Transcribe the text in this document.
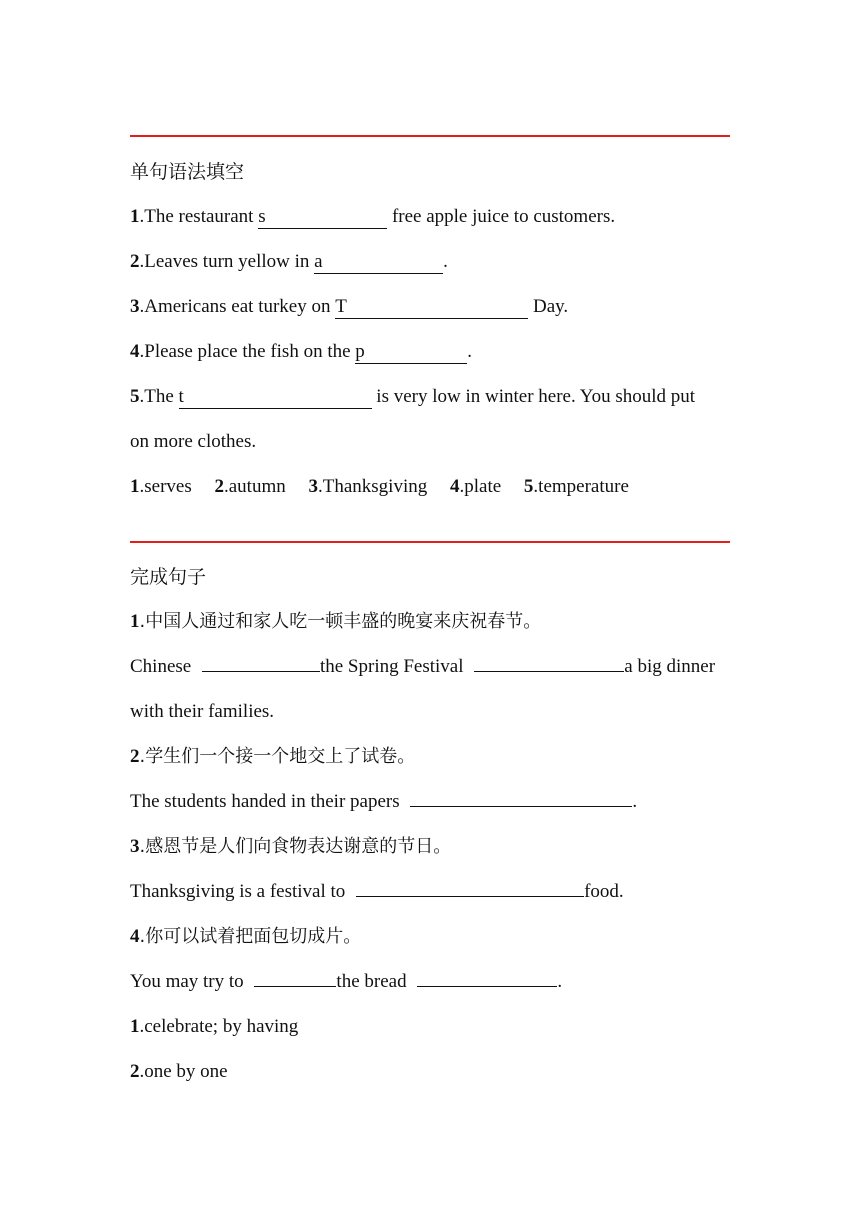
单句语法填空
1.The restaurant s	free apple juice to customers.
2.Leaves turn yellow in a	.
3.Americans eat turkey on T	Day.
4.Please place the fish on the p	.
5.The t	is very low in winter here. You should put
on more clothes.
1.serves 2.autumn 3.Thanksgiving 4.plate 5.temperature
完成句子
1.中国人通过和家人吃一顿丰盛的晚宴来庆祝春节。
Chinese	the Spring Festival	a big dinner
with their families.
2.学生们一个接一个地交上了试卷。
The students handed in their papers	.
3.感恩节是人们向食物表达谢意的节日。
Thanksgiving is a festival to	food.
4.你可以试着把面包切成片。
You may try to	the bread	.
1.celebrate; by having
2.one by one
